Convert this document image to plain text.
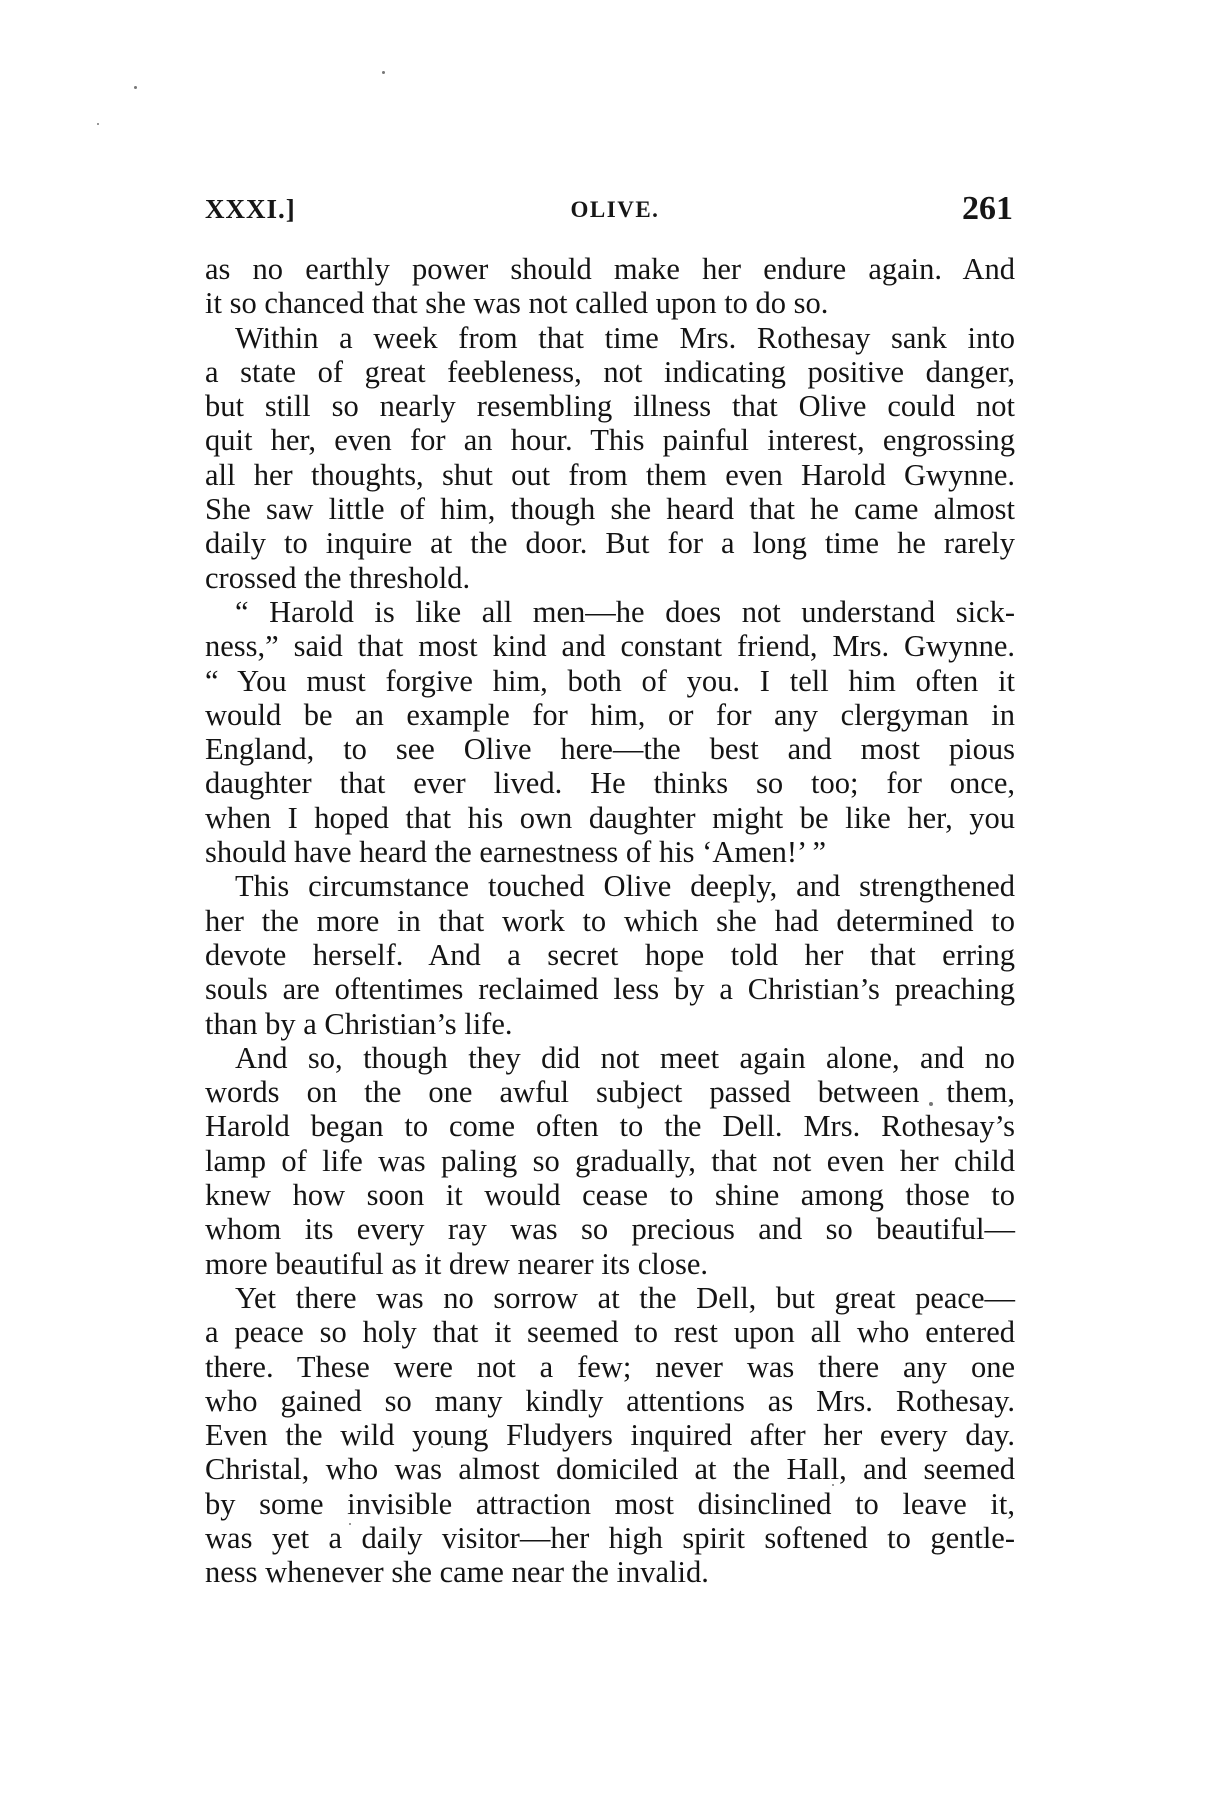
XXXI.]	OLIVE.	261
as no earthly power should make her endure again. And
it so chanced that she was not called upon to do so.
Within a week from that time Mrs. Rothesay sank into
a state of great feebleness, not indicating positive danger,
but still so nearly resembling illness that Olive could not
quit her, even for an hour. This painful interest, engrossing
all her thoughts, shut out from them even Harold Gwynne.
She saw little of him, though she heard that he came almost
daily to inquire at the door. But for a long time he rarely
crossed the threshold.
“ Harold is like all men—he does not understand sick-
ness,” said that most kind and constant friend, Mrs. Gwynne.
“ You must forgive him, both of you. I tell him often it
would be an example for him, or for any clergyman in
England, to see Olive here—the best and most pious
daughter that ever lived. He thinks so too; for once,
when I hoped that his own daughter might be like her, you
should have heard the earnestness of his ‘Amen!’ ”
This circumstance touched Olive deeply, and strengthened
her the more in that work to which she had determined to
devote herself. And a secret hope told her that erring
souls are oftentimes reclaimed less by a Christian’s preaching
than by a Christian’s life.
And so, though they did not meet again alone, and no
words on the one awful subject passed between them,
Harold began to come often to the Dell. Mrs. Rothesay’s
lamp of life was paling so gradually, that not even her child
knew how soon it would cease to shine among those to
whom its every ray was so precious and so beautiful—
more beautiful as it drew nearer its close.
Yet there was no sorrow at the Dell, but great peace—
a peace so holy that it seemed to rest upon all who entered
there. These were not a few; never was there any one
who gained so many kindly attentions as Mrs. Rothesay.
Even the wild young Fludyers inquired after her every day.
Christal, who was almost domiciled at the Hall, and seemed
by some invisible attraction most disinclined to leave it,
was yet a daily visitor—her high spirit softened to gentle-
ness whenever she came near the invalid.
